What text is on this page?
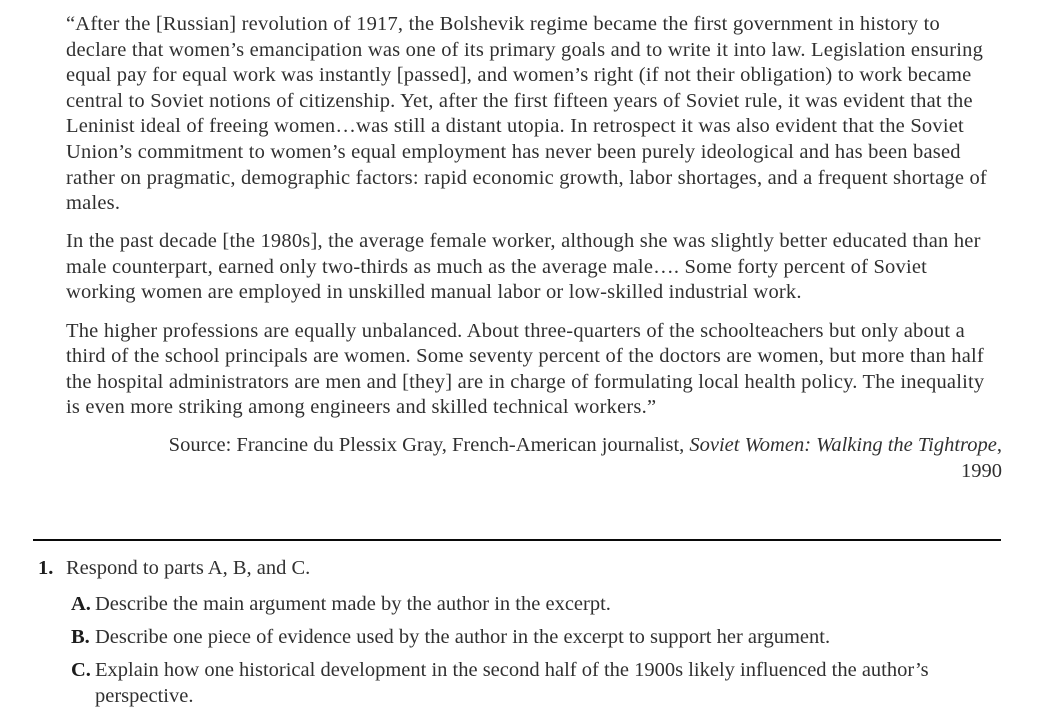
“After the [Russian] revolution of 1917, the Bolshevik regime became the first government in history to declare that women’s emancipation was one of its primary goals and to write it into law. Legislation ensuring equal pay for equal work was instantly [passed], and women’s right (if not their obligation) to work became central to Soviet notions of citizenship. Yet, after the first fifteen years of Soviet rule, it was evident that the Leninist ideal of freeing women…was still a distant utopia. In retrospect it was also evident that the Soviet Union’s commitment to women’s equal employment has never been purely ideological and has been based rather on pragmatic, demographic factors: rapid economic growth, labor shortages, and a frequent shortage of males.

In the past decade [the 1980s], the average female worker, although she was slightly better educated than her male counterpart, earned only two-thirds as much as the average male…. Some forty percent of Soviet working women are employed in unskilled manual labor or low-skilled industrial work.

The higher professions are equally unbalanced. About three-quarters of the schoolteachers but only about a third of the school principals are women. Some seventy percent of the doctors are women, but more than half the hospital administrators are men and [they] are in charge of formulating local health policy. The inequality is even more striking among engineers and skilled technical workers.”

Source: Francine du Plessix Gray, French-American journalist, Soviet Women: Walking the Tightrope, 1990

1. Respond to parts A, B, and C.
A. Describe the main argument made by the author in the excerpt.
B. Describe one piece of evidence used by the author in the excerpt to support her argument.
C. Explain how one historical development in the second half of the 1900s likely influenced the author’s perspective.
